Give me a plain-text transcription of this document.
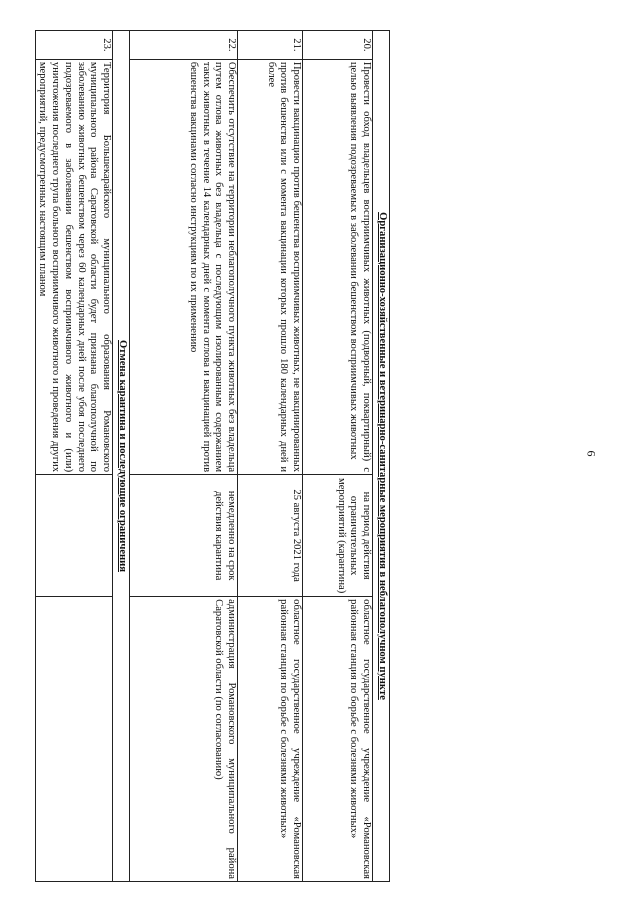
6
Организационно-хозяйственные и ветеринарно-санитарные мероприятия в неблагополучном пункте			
20.	Провести обход владельцев восприимчивых животных (подворный, поквартирный) с целью выявления подозреваемых в заболевании бешенством восприимчивых животных	на период действия ограничительных мероприятий (карантина)	областное государственное учреждение «Романовская районная станция по борьбе с болезнями животных»
21.	Провести вакцинацию против бешенства восприимчивых животных, не вакцинированных против бешенства или с момента вакцинации которых прошло 180 календарных дней и более	25 августа 2021 года	областное государственное учреждение «Романовская районная станция по борьбе с болезнями животных»
22.	Обеспечить отсутствие на территории неблагополучного пункта животных без владельца путем отлова животных без владельца с последующим изолированным содержанием таких животных в течение 14 календарных дней с момента отлова и вакцинацией против бешенства вакцинами согласно инструкциям по их применению	немедленно на срок действия карантина	администрация Романовского муниципального района Саратовской области (по согласованию)
Отмена карантина и последующие ограничения			
23.	Территория Большекарайского муниципального образования Романовского муниципального района Саратовской области будет признана благополучной по заболеванию животных бешенством через 60 календарных дней после убоя последнего подозреваемого в заболевании бешенством восприимчивого животного и (или) уничтожения последнего трупа больного восприимчивого животного и проведения других мероприятий, предусмотренных настоящим планом		
